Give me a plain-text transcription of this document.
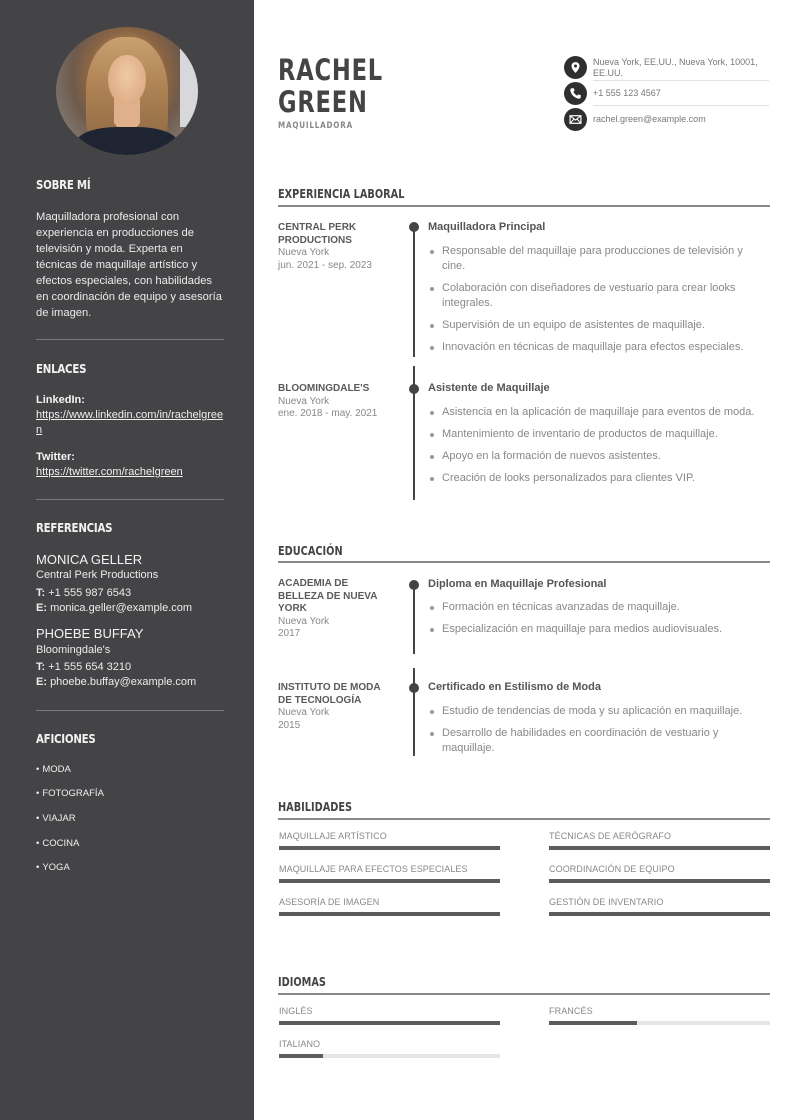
SOBRE MÍ
Maquilladora profesional con experiencia en producciones de televisión y moda. Experta en técnicas de maquillaje artístico y efectos especiales, con habilidades en coordinación de equipo y asesoría de imagen.
ENLACES
LinkedIn:
https://www.linkedin.com/in/rachelgreen
Twitter:
https://twitter.com/rachelgreen
REFERENCIAS
MONICA GELLER
Central Perk Productions
T: +1 555 987 6543
E: monica.geller@example.com
PHOEBE BUFFAY
Bloomingdale's
T: +1 555 654 3210
E: phoebe.buffay@example.com
AFICIONES
• MODA
• FOTOGRAFÍA
• VIAJAR
• COCINA
• YOGA
RACHEL
GREEN
MAQUILLADORA
Nueva York, EE.UU., Nueva York, 10001, EE.UU.
+1 555 123 4567
rachel.green@example.com
EXPERIENCIA LABORAL
CENTRAL PERK PRODUCTIONS
Nueva York
jun. 2021 - sep. 2023
Maquilladora Principal
Responsable del maquillaje para producciones de televisión y cine.
Colaboración con diseñadores de vestuario para crear looks integrales.
Supervisión de un equipo de asistentes de maquillaje.
Innovación en técnicas de maquillaje para efectos especiales.
BLOOMINGDALE'S
Nueva York
ene. 2018 - may. 2021
Asistente de Maquillaje
Asistencia en la aplicación de maquillaje para eventos de moda.
Mantenimiento de inventario de productos de maquillaje.
Apoyo en la formación de nuevos asistentes.
Creación de looks personalizados para clientes VIP.
EDUCACIÓN
ACADEMIA DE BELLEZA DE NUEVA YORK
Nueva York
2017
Diploma en Maquillaje Profesional
Formación en técnicas avanzadas de maquillaje.
Especialización en maquillaje para medios audiovisuales.
INSTITUTO DE MODA DE TECNOLOGÍA
Nueva York
2015
Certificado en Estilismo de Moda
Estudio de tendencias de moda y su aplicación en maquillaje.
Desarrollo de habilidades en coordinación de vestuario y maquillaje.
HABILIDADES
MAQUILLAJE ARTÍSTICO	TÉCNICAS DE AERÓGRAFO
MAQUILLAJE PARA EFECTOS ESPECIALES	COORDINACIÓN DE EQUIPO
ASESORÍA DE IMAGEN	GESTIÓN DE INVENTARIO
IDIOMAS
INGLÉS	FRANCÉS
ITALIANO
